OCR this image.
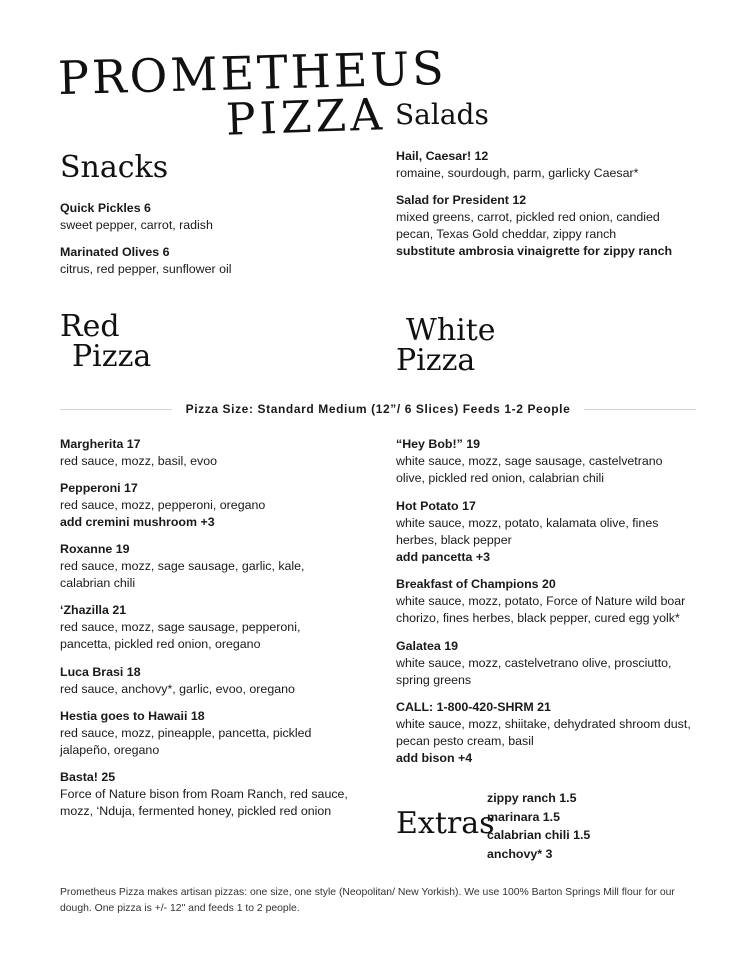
PROMETHEUS
PIZZA
Snacks
Salads
Red
Pizza
White
Pizza
Extras
Quick Pickles 6
sweet pepper, carrot, radish
Marinated Olives 6
citrus, red pepper, sunflower oil
Hail, Caesar! 12
romaine, sourdough, parm, garlicky Caesar*
Salad for President 12
mixed greens, carrot, pickled red onion, candied pecan, Texas Gold cheddar, zippy ranch
substitute ambrosia vinaigrette for zippy ranch
Pizza Size: Standard Medium (12”/ 6 Slices) Feeds 1-2 People
Margherita 17
red sauce, mozz, basil, evoo
Pepperoni 17
red sauce, mozz, pepperoni, oregano
add cremini mushroom +3
Roxanne 19
red sauce, mozz, sage sausage, garlic, kale, calabrian chili
‘Zhazilla 21
red sauce, mozz, sage sausage, pepperoni, pancetta, pickled red onion, oregano
Luca Brasi 18
red sauce, anchovy*, garlic, evoo, oregano
Hestia goes to Hawaii 18
red sauce, mozz, pineapple, pancetta, pickled jalapeño, oregano
Basta! 25
Force of Nature bison from Roam Ranch, red sauce, mozz, ‘Nduja, fermented honey, pickled red onion
“Hey Bob!” 19
white sauce, mozz, sage sausage, castelvetrano olive, pickled red onion, calabrian chili
Hot Potato 17
white sauce, mozz, potato, kalamata olive, fines herbes, black pepper
add pancetta +3
Breakfast of Champions 20
white sauce, mozz, potato, Force of Nature wild boar chorizo, fines herbes, black pepper, cured egg yolk*
Galatea 19
white sauce, mozz, castelvetrano olive, prosciutto, spring greens
CALL: 1-800-420-SHRM 21
white sauce, mozz, shiitake, dehydrated shroom dust, pecan pesto cream, basil
add bison +4
zippy ranch 1.5
marinara 1.5
calabrian chili 1.5
anchovy* 3
Prometheus Pizza makes artisan pizzas: one size, one style (Neopolitan/ New Yorkish). We use 100% Barton Springs Mill flour for our dough. One pizza is +/- 12" and feeds 1 to 2 people.
